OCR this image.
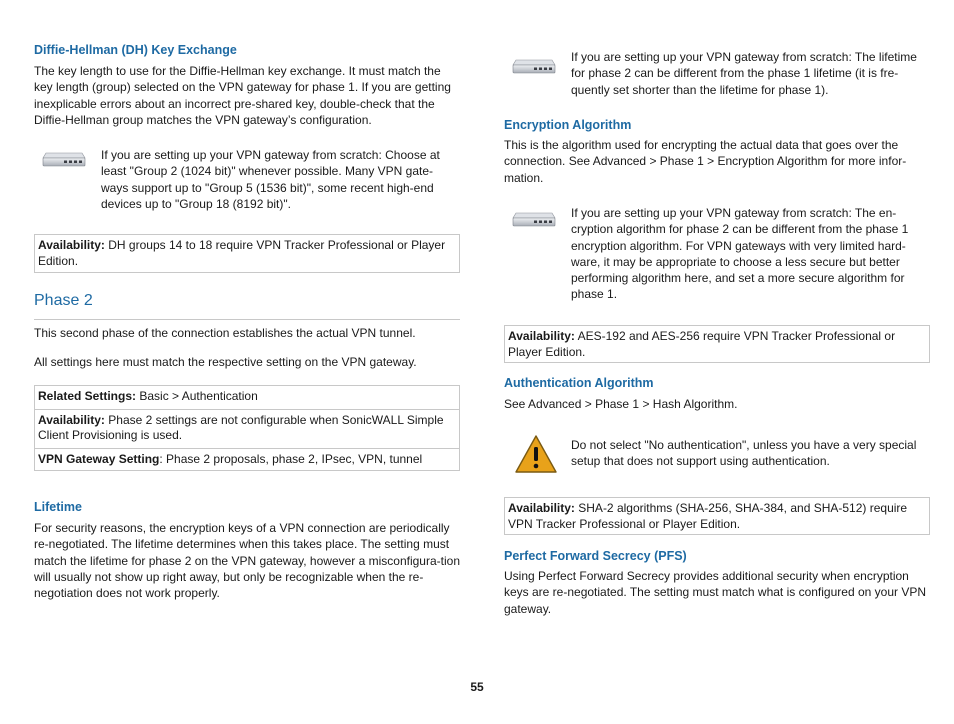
Diffie-Hellman (DH) Key Exchange
The key length to use for the Diffie-Hellman key exchange. It must match the key length (group) selected on the VPN gateway for phase 1. If you are getting inexplicable errors about an incorrect pre-shared key, double-check that the Diffie-Hellman group matches the VPN gateway’s configuration.
If you are setting up your VPN gateway from scratch: Choose at least "Group 2 (1024 bit)" whenever possible. Many VPN gate-ways support up to "Group 5 (1536 bit)", some recent high-end devices up to "Group 18 (8192 bit)".
Availability: DH groups 14 to 18 require VPN Tracker Professional or Player Edition.
Phase 2
This second phase of the connection establishes the actual VPN tunnel.
All settings here must match the respective setting on the VPN gateway.
Related Settings: Basic > Authentication
Availability: Phase 2 settings are not configurable when SonicWALL Simple Client Provisioning is used.
VPN Gateway Setting: Phase 2 proposals, phase 2, IPsec, VPN, tunnel
Lifetime
For security reasons, the encryption keys of a VPN connection are periodically re-negotiated. The lifetime determines when this takes place. The setting must match the lifetime for phase 2 on the VPN gateway, however a misconfigura-tion will usually not show up right away, but only be recognizable when the re-negotiation does not work properly.
If you are setting up your VPN gateway from scratch: The lifetime for phase 2 can be different from the phase 1 lifetime (it is fre-quently set shorter than the lifetime for phase 1).
Encryption Algorithm
This is the algorithm used for encrypting the actual data that goes over the connection. See Advanced > Phase 1 > Encryption Algorithm for more infor-mation.
If you are setting up your VPN gateway from scratch: The en-cryption algorithm for phase 2 can be different from the phase 1 encryption algorithm. For VPN gateways with very limited hard-ware, it may be appropriate to choose a less secure but better performing algorithm here, and set a more secure algorithm for phase 1.
Availability: AES-192 and AES-256 require VPN Tracker Professional or Player Edition.
Authentication Algorithm
See Advanced > Phase 1 > Hash Algorithm.
Do not select "No authentication", unless you have a very special setup that does not support using authentication.
Availability: SHA-2 algorithms (SHA-256, SHA-384, and SHA-512) require VPN Tracker Professional or Player Edition.
Perfect Forward Secrecy (PFS)
Using Perfect Forward Secrecy provides additional security when encryption keys are re-negotiated. The setting must match what is configured on your VPN gateway.
55
